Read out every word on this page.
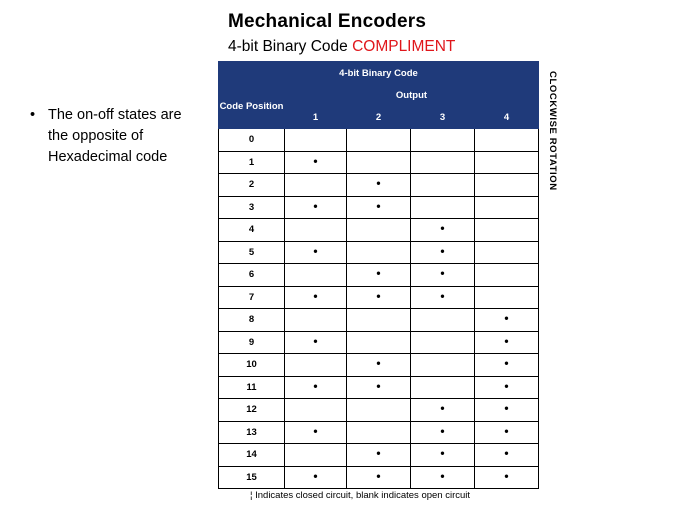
Mechanical Encoders
4-bit Binary Code COMPLIMENT
• The on-off states are the opposite of Hexadecimal code
4-bit Binary Code				
Code Position	Output			
	1	2	3	4
0				
1	•			
2		•		
3	•	•		
4			•	
5	•		•	
6		•	•	
7	•	•	•	
8				•
9	•			•
10		•		•
11	•	•		•
12			•	•
13	•		•	•
14		•	•	•
15	•	•	•	•
CLOCKWISE ROTATION
¦ Indicates closed circuit, blank indicates open circuit
